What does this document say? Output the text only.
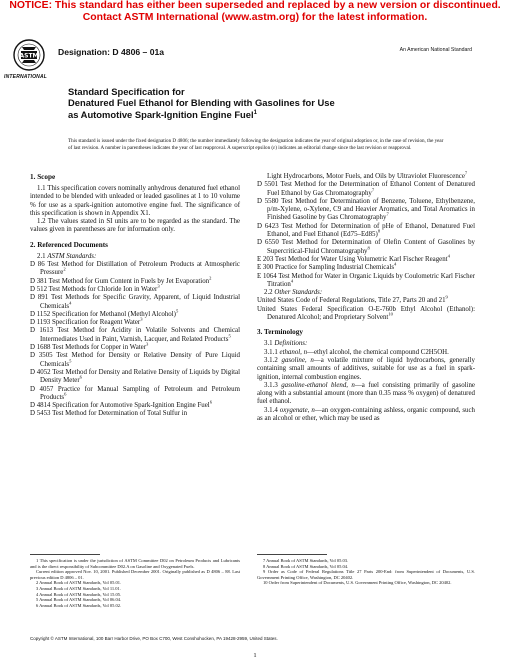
NOTICE: This standard has either been superseded and replaced by a new version or discontinued.
Contact ASTM International (www.astm.org) for the latest information.
ASTM
INTERNATIONAL
Designation: D 4806 – 01a	An American National Standard
Standard Specification for
Denatured Fuel Ethanol for Blending with Gasolines for Use
as Automotive Spark-Ignition Engine Fuel$^1$
This standard is issued under the fixed designation D 4806; the number immediately following the designation indicates the year of original adoption or, in the case of revision, the year of last revision. A number in parentheses indicates the year of last reapproval. A superscript epsilon (ε) indicates an editorial change since the last revision or reapproval.
1. Scope

1.1 This specification covers nominally anhydrous denatured fuel ethanol intended to be blended with unleaded or leaded gasolines at 1 to 10 volume % for use as a spark-ignition automotive engine fuel. The significance of this specification is shown in Appendix X1.

1.2 The values stated in SI units are to be regarded as the standard. The values given in parentheses are for information only.

2. Referenced Documents

2.1 ASTM Standards:

D 86 Test Method for Distillation of Petroleum Products at Atmospheric Pressure$^2$

D 381 Test Method for Gum Content in Fuels by Jet Evaporation$^2$

D 512 Test Methods for Chloride Ion in Water$^3$

D 891 Test Methods for Specific Gravity, Apparent, of Liquid Industrial Chemicals$^4$

D 1152 Specification for Methanol (Methyl Alcohol)$^5$

D 1193 Specification for Reagent Water$^3$

D 1613 Test Method for Acidity in Volatile Solvents and Chemical Intermediates Used in Paint, Varnish, Lacquer, and Related Products$^5$

D 1688 Test Methods for Copper in Water$^3$

D 3505 Test Method for Density or Relative Density of Pure Liquid Chemicals$^5$

D 4052 Test Method for Density and Relative Density of Liquids by Digital Density Meter$^6$

D 4057 Practice for Manual Sampling of Petroleum and Petroleum Products$^6$

D 4814 Specification for Automotive Spark-Ignition Engine Fuel$^6$

D 5453 Test Method for Determination of Total Sulfur in

Light Hydrocarbons, Motor Fuels, and Oils by Ultraviolet Fluorescence$^7$

D 5501 Test Method for the Determination of Ethanol Content of Denatured Fuel Ethanol by Gas Chromatography$^7$

D 5580 Test Method for Determination of Benzene, Toluene, Ethylbenzene, p/m-Xylene, o-Xylene, C9 and Heavier Aromatics, and Total Aromatics in Finished Gasoline by Gas Chromatography$^7$

D 6423 Test Method for Determination of pHe of Ethanol, Denatured Fuel Ethanol, and Fuel Ethanol $(Ed75-Ed85)^8$

D 6550 Test Method for Determination of Olefin Content of Gasolines by Supercritical-Fluid Chromatography$^8$

E 203 Test Method for Water Using Volumetric Karl Fischer Reagent$^4$

E 300 Practice for Sampling Industrial Chemicals$^4$

E 1064 Test Method for Water in Organic Liquids by Coulometric Karl Fischer Titration$^4$

2.2 Other Standards:

United States Code of Federal Regulations, Title 27, Parts 20 and $21^9$

United States Federal Specification O-E-760b Ethyl Alcohol (Ethanol): Denatured Alcohol; and Proprietary Solvent$^{10}$

3. Terminology

3.1 Definitions:

3.1.1 ethanol, n—ethyl alcohol, the chemical compound C2H5OH.

3.1.2 gasoline, n—a volatile mixture of liquid hydrocarbons, generally containing small amounts of additives, suitable for use as a fuel in spark-ignition, internal combustion engines.

3.1.3 gasoline-ethanol blend, n—a fuel consisting primarily of gasoline along with a substantial amount (more than 0.35 mass % oxygen) of denatured fuel ethanol.

3.1.4 oxygenate, n—an oxygen-containing ashless, organic compound, such as an alcohol or ether, which may be used as

1 This specification is under the jurisdiction of ASTM Committee D02 on Petroleum Products and Lubricants and is the direct responsibility of Subcommittee D02.A on Gasoline and Oxygenated Fuels.

Current edition approved Nov. 10, 2001. Published December 2001. Originally published as D 4806 – 88. Last previous edition D 4806 – 01.

2 Annual Book of ASTM Standards, Vol 05.01.

3 Annual Book of ASTM Standards, Vol 11.01.

4 Annual Book of ASTM Standards, Vol 15.05.

5 Annual Book of ASTM Standards, Vol 06.04.

6 Annual Book of ASTM Standards, Vol 05.02.

7 Annual Book of ASTM Standards, Vol 05.03.

8 Annual Book of ASTM Standards, Vol 05.04.

9 Order as Code of Federal Regulations Title 27 Parts 200-End: from Superintendent of Documents, U.S. Government Printing Office, Washington, DC 20402.

10 Order from Superintendent of Documents, U.S. Government Printing Office, Washington, DC 20402.

Copyright © ASTM International, 100 Barr Harbor Drive, PO Box C700, West Conshohocken, PA 19428-2959, United States.
1
